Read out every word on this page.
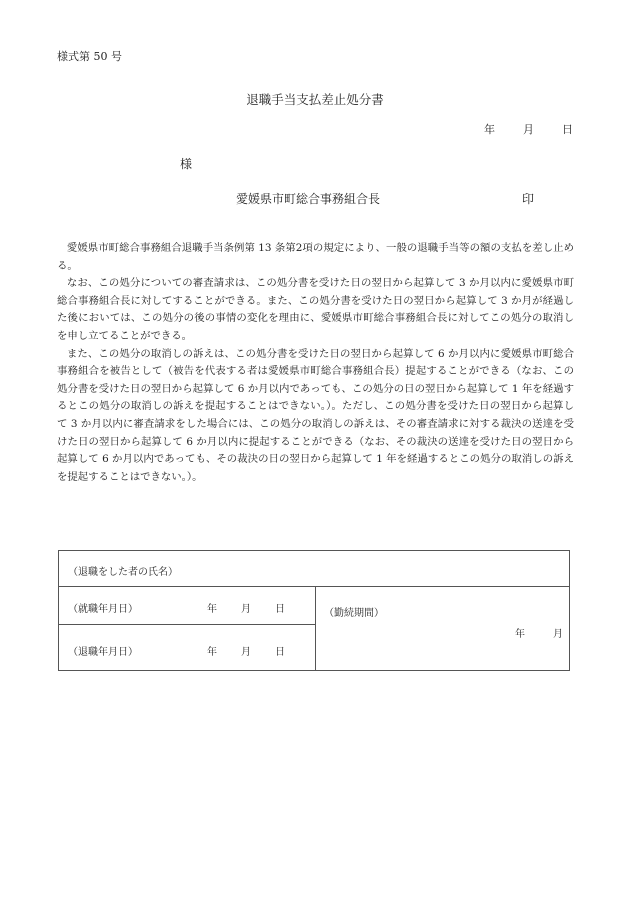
様式第 50 号
退職手当支払差止処分書
年	月	日
様
愛媛県市町総合事務組合長	印

愛媛県市町総合事務組合退職手当条例第 13 条第2項の規定により、一般の退職手当等の額の支払を差し止める。

なお、この処分についての審査請求は、この処分書を受けた日の翌日から起算して 3 か月以内に愛媛県市町総合事務組合長に対してすることができる。また、この処分書を受けた日の翌日から起算して 3 か月が経過した後においては、この処分の後の事情の変化を理由に、愛媛県市町総合事務組合長に対してこの処分の取消しを申し立てることができる。

また、この処分の取消しの訴えは、この処分書を受けた日の翌日から起算して 6 か月以内に愛媛県市町総合事務組合を被告として（被告を代表する者は愛媛県市町総合事務組合長）提起することができる（なお、この処分書を受けた日の翌日から起算して 6 か月以内であっても、この処分の日の翌日から起算して 1 年を経過するとこの処分の取消しの訴えを提起することはできない。）。ただし、この処分書を受けた日の翌日から起算して 3 か月以内に審査請求をした場合には、この処分の取消しの訴えは、その審査請求に対する裁決の送達を受けた日の翌日から起算して 6 か月以内に提起することができる（なお、その裁決の送達を受けた日の翌日から起算して 6 か月以内であっても、その裁決の日の翌日から起算して 1 年を経過するとこの処分の取消しの訴えを提起することはできない。）。

（退職をした者の氏名）
（就職年月日）	年 月 日
（退職年月日）	年 月 日
（勤続期間）
年	月
